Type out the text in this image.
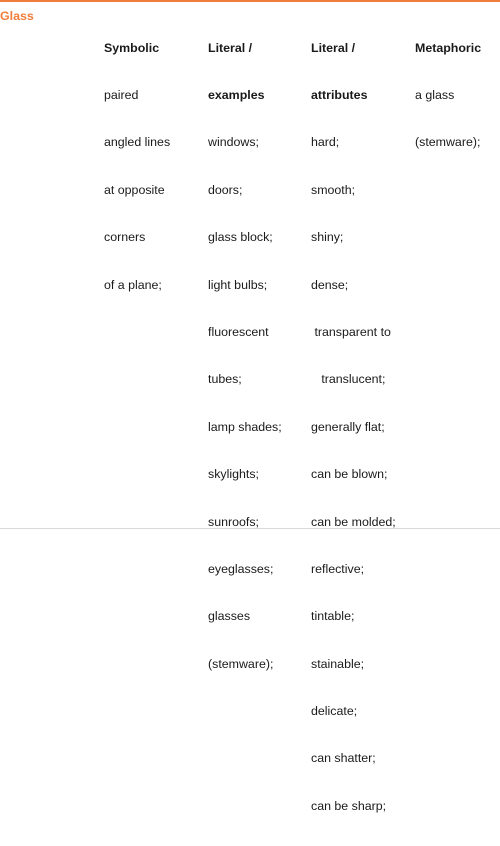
Glass

Symbolic

paired

angled lines

at opposite

corners

of a plane;

Literal /

examples

windows;

doors;

glass block;

light bulbs;

fluorescent

tubes;

lamp shades;

skylights;

sunroofs;

eyeglasses;

glasses

(stemware);

Literal /

attributes

hard;

smooth;

shiny;

dense;

transparent to

translucent;

generally flat;

can be blown;

can be molded;

reflective;

tintable;

stainable;

delicate;

can shatter;

can be sharp;

Metaphoric

a glass

(stemware);
